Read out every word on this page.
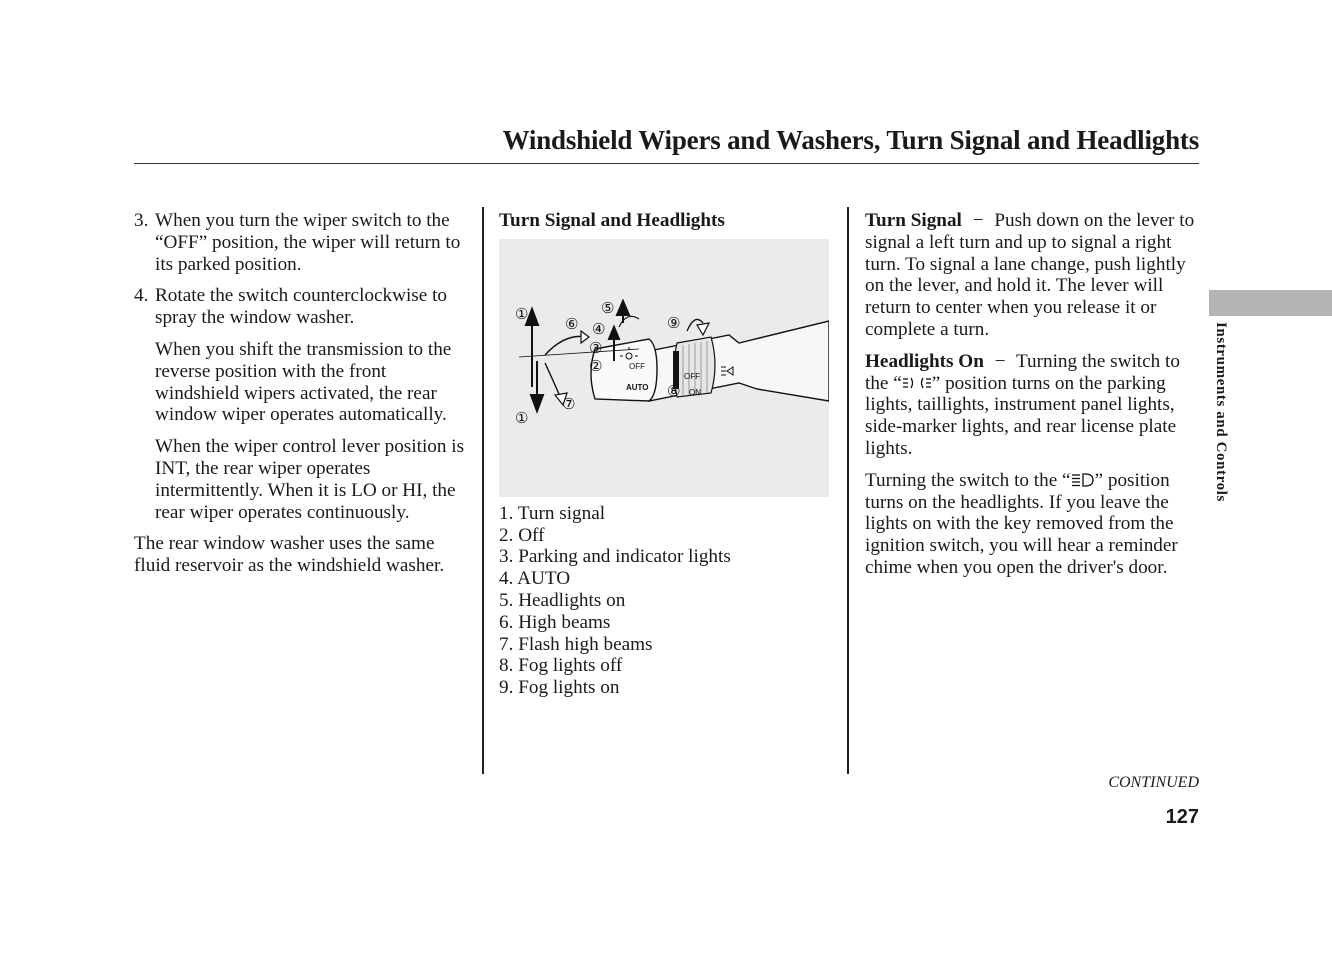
Windshield Wipers and Washers, Turn Signal and Headlights
3. When you turn the wiper switch to the “OFF” position, the wiper will return to its parked position.

4. Rotate the switch counterclockwise to spray the window washer.

When you shift the transmission to the reverse position with the front windshield wipers activated, the rear window wiper operates automatically.

When the wiper control lever position is INT, the rear wiper operates intermittently. When it is LO or HI, the rear wiper operates continuously.

The rear window washer uses the same fluid reservoir as the windshield washer.

Turn Signal and Headlights

OFF
AUTO
OFF
ON
①
①
②
③
④
⑤
⑥
⑦
⑧
⑨
1. Turn signal
2. Off
3. Parking and indicator lights
4. AUTO
5. Headlights on
6. High beams
7. Flash high beams
8. Fog lights off
9. Fog lights on

Turn Signal − Push down on the lever to signal a left turn and up to signal a right turn. To signal a lane change, push lightly on the lever, and hold it. The lever will return to center when you release it or complete a turn.

Headlights On − Turning the switch to the “ ” position turns on the parking lights, taillights, instrument panel lights, side-marker lights, and rear license plate lights.

Turning the switch to the “ ” position turns on the headlights. If you leave the lights on with the key removed from the ignition switch, you will hear a reminder chime when you open the driver's door.

Instruments and Controls
CONTINUED
127
